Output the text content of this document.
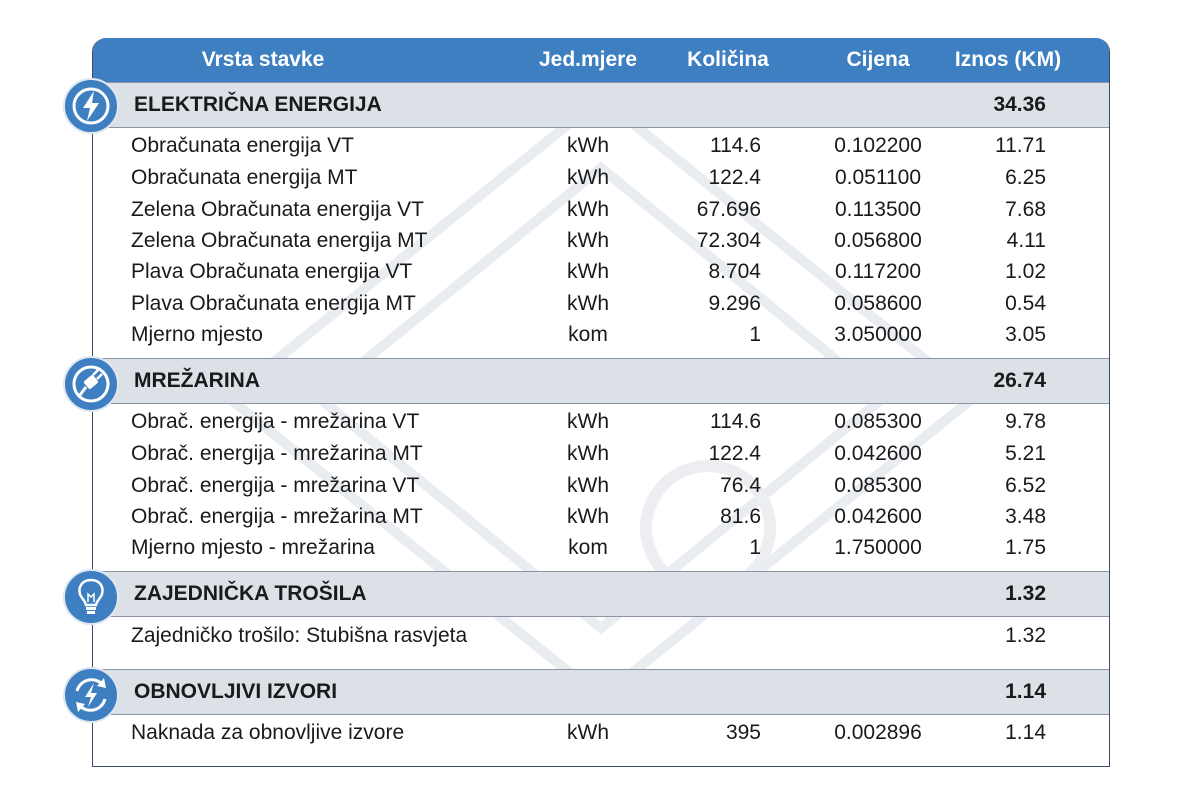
Vrsta stavke	Jed.mjere	Količina	Cijena	Iznos (KM)
ELEKTRIČNA ENERGIJA	34.36
Obračunata energija VT	kWh	114.6	0.102200	11.71
Obračunata energija MT	kWh	122.4	0.051100	6.25
Zelena Obračunata energija VT	kWh	67.696	0.113500	7.68
Zelena Obračunata energija MT	kWh	72.304	0.056800	4.11
Plava Obračunata energija VT	kWh	8.704	0.117200	1.02
Plava Obračunata energija MT	kWh	9.296	0.058600	0.54
Mjerno mjesto	kom	1	3.050000	3.05
MREŽARINA	26.74
Obrač. energija - mrežarina VT	kWh	114.6	0.085300	9.78
Obrač. energija - mrežarina MT	kWh	122.4	0.042600	5.21
Obrač. energija - mrežarina VT	kWh	76.4	0.085300	6.52
Obrač. energija - mrežarina MT	kWh	81.6	0.042600	3.48
Mjerno mjesto - mrežarina	kom	1	1.750000	1.75
ZAJEDNIČKA TROŠILA	1.32
Zajedničko trošilo: Stubišna rasvjeta	1.32
OBNOVLJIVI IZVORI	1.14
Naknada za obnovljive izvore	kWh	395	0.002896	1.14
